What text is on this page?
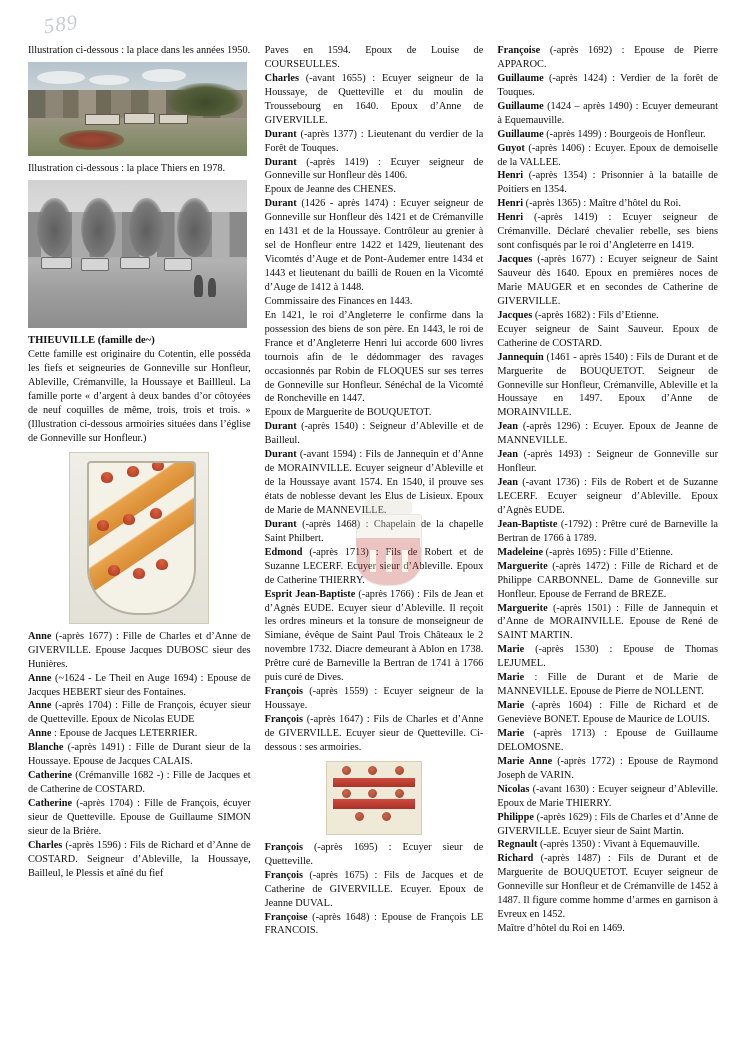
589

Illustration ci-dessous : la place dans les années 1950.

Illustration ci-dessous : la place Thiers en 1978.

THIEUVILLE (famille de~)

Cette famille est originaire du Cotentin, elle posséda les fiefs et seigneuries de Gonneville sur Honfleur, Ableville, Crémanville, la Houssaye et Baillleul. La famille porte « d’argent à deux bandes d’or côtoyées de neuf coquilles de même, trois, trois et trois. » (Illustration ci-dessous armoiries situées dans l’église de Gonneville sur Honfleur.)

Anne (-après 1677) : Fille de Charles et d’Anne de GIVERVILLE. Epouse Jacques DUBOSC sieur des Hunières.

Anne (~1624 - Le Theil en Auge 1694) : Epouse de Jacques HEBERT sieur des Fontaines.

Anne (-après 1704) : Fille de François, écuyer sieur de Quetteville. Epoux de Nicolas EUDE

Anne : Epouse de Jacques LETERRIER.

Blanche (-après 1491) : Fille de Durant sieur de la Houssaye. Epouse de Jacques CALAIS.

Catherine (Crémanville 1682 -) : Fille de Jacques et de Catherine de COSTARD.

Catherine (-après 1704) : Fille de François, écuyer sieur de Quetteville. Epouse de Guillaume SIMON sieur de la Brière.

Charles (-après 1596) : Fils de Richard et d’Anne de COSTARD. Seigneur d’Ableville, la Houssaye, Bailleul, le Plessis et aîné du fief

Paves en 1594. Epoux de Louise de COURSEULLES.

Charles (-avant 1655) : Ecuyer seigneur de la Houssaye, de Quetteville et du moulin de Troussebourg en 1640. Epoux d’Anne de GIVERVILLE.

Durant (-après 1377) : Lieutenant du verdier de la Forêt de Touques.

Durant (-après 1419) : Ecuyer seigneur de Gonneville sur Honfleur dès 1406.

Epoux de Jeanne des CHENES.

Durant (1426 - après 1474) : Ecuyer seigneur de Gonneville sur Honfleur dès 1421 et de Crémanville en 1431 et de la Houssaye. Contrôleur au grenier à sel de Honfleur entre 1422 et 1429, lieutenant des Vicomtés d’Auge et de Pont-Audemer entre 1434 et 1443 et lieutenant du bailli de Rouen en la Vicomté d’Auge de 1412 à 1448.

Commissaire des Finances en 1443.

En 1421, le roi d’Angleterre le confirme dans la possession des biens de son père. En 1443, le roi de France et d’Angleterre Henri lui accorde 600 livres tournois afin de le dédommager des ravages occasionnés par Robin de FLOQUES sur ses terres de Gonneville sur Honfleur. Sénéchal de la Vicomté de Roncheville en 1447.

Epoux de Marguerite de BOUQUETOT.

Durant (-après 1540) : Seigneur d’Ableville et de Bailleul.

Durant (-avant 1594) : Fils de Jannequin et d’Anne de MORAINVILLE. Ecuyer seigneur d’Ableville et de la Houssaye avant 1574. En 1540, il prouve ses états de noblesse devant les Elus de Lisieux. Epoux de Marie de MANNEVILLE.

Durant (-après 1468) : Chapelain de la chapelle Saint Philbert.

Edmond (-après 1713) : Fils de Robert et de Suzanne LECERF. Ecuyer sieur d’Ableville. Epoux de Catherine THIERRY.

Esprit Jean-Baptiste (-après 1766) : Fils de Jean et d’Agnès EUDE. Ecuyer sieur d’Ableville. Il reçoit les ordres mineurs et la tonsure de monseigneur de Simiane, évêque de Saint Paul Trois Châteaux le 2 novembre 1732. Diacre demeurant à Ablon en 1738. Prêtre curé de Barneville la Bertran de 1741 à 1766 puis curé de Dives.

François (-après 1559) : Ecuyer seigneur de la Houssaye.

François (-après 1647) : Fils de Charles et d’Anne de GIVERVILLE. Ecuyer sieur de Quetteville. Ci-dessous : ses armoiries.

François (-après 1695) : Ecuyer sieur de Quetteville.

François (-après 1675) : Fils de Jacques et de Catherine de GIVERVILLE. Ecuyer. Epoux de Jeanne DUVAL.

Françoise (-après 1648) : Epouse de François LE FRANCOIS.

Françoise (-après 1692) : Epouse de Pierre APPAROC.

Guillaume (-après 1424) : Verdier de la forêt de Touques.

Guillaume (1424 – après 1490) : Ecuyer demeurant à Equemauville.

Guillaume (-après 1499) : Bourgeois de Honfleur.

Guyot (-après 1406) : Ecuyer. Epoux de demoiselle de la VALLEE.

Henri (-après 1354) : Prisonnier à la bataille de Poitiers en 1354.

Henri (-après 1365) : Maître d’hôtel du Roi.

Henri (-après 1419) : Ecuyer seigneur de Crémanville. Déclaré chevalier rebelle, ses biens sont confisqués par le roi d’Angleterre en 1419.

Jacques (-après 1677) : Ecuyer seigneur de Saint Sauveur dès 1640. Epoux en premières noces de Marie MAUGER et en secondes de Catherine de GIVERVILLE.

Jacques (-après 1682) : Fils d’Etienne.

Ecuyer seigneur de Saint Sauveur. Epoux de Catherine de COSTARD.

Jannequin (1461 - après 1540) : Fils de Durant et de Marguerite de BOUQUETOT. Seigneur de Gonneville sur Honfleur, Crémanville, Ableville et la Houssaye en 1497. Epoux d’Anne de MORAINVILLE.

Jean (-après 1296) : Ecuyer. Epoux de Jeanne de MANNEVILLE.

Jean (-après 1493) : Seigneur de Gonneville sur Honfleur.

Jean (-avant 1736) : Fils de Robert et de Suzanne LECERF. Ecuyer seigneur d’Ableville. Epoux d’Agnès EUDE.

Jean-Baptiste (-1792) : Prêtre curé de Barneville la Bertran de 1766 à 1789.

Madeleine (-après 1695) : Fille d’Etienne.

Marguerite (-après 1472) : Fille de Richard et de Philippe CARBONNEL. Dame de Gonneville sur Honfleur. Epouse de Ferrand de BREZE.

Marguerite (-après 1501) : Fille de Jannequin et d’Anne de MORAINVILLE. Epouse de René de SAINT MARTIN.

Marie (-après 1530) : Epouse de Thomas LEJUMEL.

Marie : Fille de Durant et de Marie de MANNEVILLE. Epouse de Pierre de NOLLENT.

Marie (-après 1604) : Fille de Richard et de Geneviève BONET. Epouse de Maurice de LOUIS.

Marie (-après 1713) : Epouse de Guillaume DELOMOSNE.

Marie Anne (-après 1772) : Epouse de Raymond Joseph de VARIN.

Nicolas (-avant 1630) : Ecuyer seigneur d’Ableville. Epoux de Marie THIERRY.

Philippe (-après 1629) : Fils de Charles et d’Anne de GIVERVILLE. Ecuyer sieur de Saint Martin.

Regnault (-après 1350) : Vivant à Equemauville.

Richard (-après 1487) : Fils de Durant et de Marguerite de BOUQUETOT. Ecuyer seigneur de Gonneville sur Honfleur et de Crémanville de 1452 à 1487. Il figure comme homme d’armes en garnison à Evreux en 1452.

Maître d’hôtel du Roi en 1469.
